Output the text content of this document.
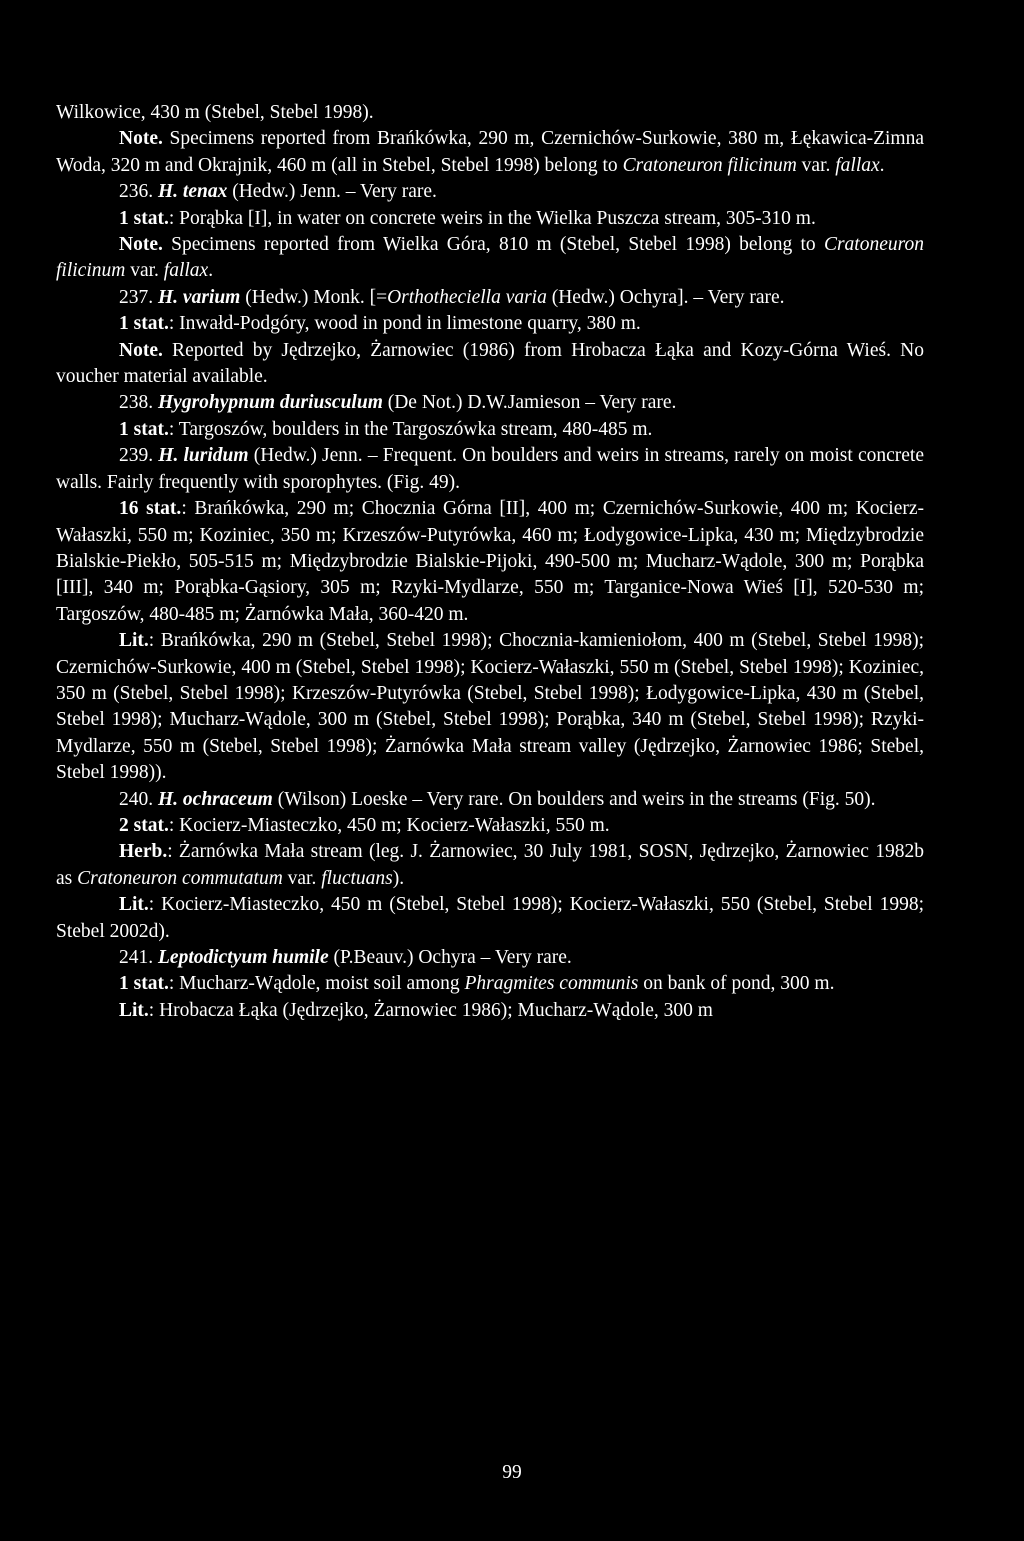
Wilkowice, 430 m (Stebel, Stebel 1998).

Note. Specimens reported from Brańkówka, 290 m, Czernichów-Surkowie, 380 m, Łękawica-Zimna Woda, 320 m and Okrajnik, 460 m (all in Stebel, Stebel 1998) belong to Cratoneuron filicinum var. fallax.

236. H. tenax (Hedw.) Jenn. – Very rare.

1 stat.: Porąbka [I], in water on concrete weirs in the Wielka Puszcza stream, 305-310 m.

Note. Specimens reported from Wielka Góra, 810 m (Stebel, Stebel 1998) belong to Cratoneuron filicinum var. fallax.

237. H. varium (Hedw.) Monk. [=Orthotheciella varia (Hedw.) Ochyra]. – Very rare.

1 stat.: Inwałd-Podgóry, wood in pond in limestone quarry, 380 m.

Note. Reported by Jędrzejko, Żarnowiec (1986) from Hrobacza Łąka and Kozy-Górna Wieś. No voucher material available.

238. Hygrohypnum duriusculum (De Not.) D.W.Jamieson – Very rare.

1 stat.: Targoszów, boulders in the Targoszówka stream, 480-485 m.

239. H. luridum (Hedw.) Jenn. – Frequent. On boulders and weirs in streams, rarely on moist concrete walls. Fairly frequently with sporophytes. (Fig. 49).

16 stat.: Brańkówka, 290 m; Chocznia Górna [II], 400 m; Czernichów-Surkowie, 400 m; Kocierz-Wałaszki, 550 m; Koziniec, 350 m; Krzeszów-Putyrówka, 460 m; Łodygowice-Lipka, 430 m; Międzybrodzie Bialskie-Piekło, 505-515 m; Międzybrodzie Bialskie-Pijoki, 490-500 m; Mucharz-Wądole, 300 m; Porąbka [III], 340 m; Porąbka-Gąsiory, 305 m; Rzyki-Mydlarze, 550 m; Targanice-Nowa Wieś [I], 520-530 m; Targoszów, 480-485 m; Żarnówka Mała, 360-420 m.

Lit.: Brańkówka, 290 m (Stebel, Stebel 1998); Chocznia-kamieniołom, 400 m (Stebel, Stebel 1998); Czernichów-Surkowie, 400 m (Stebel, Stebel 1998); Kocierz-Wałaszki, 550 m (Stebel, Stebel 1998); Koziniec, 350 m (Stebel, Stebel 1998); Krzeszów-Putyrówka (Stebel, Stebel 1998); Łodygowice-Lipka, 430 m (Stebel, Stebel 1998); Mucharz-Wądole, 300 m (Stebel, Stebel 1998); Porąbka, 340 m (Stebel, Stebel 1998); Rzyki-Mydlarze, 550 m (Stebel, Stebel 1998); Żarnówka Mała stream valley (Jędrzejko, Żarnowiec 1986; Stebel, Stebel 1998)).

240. H. ochraceum (Wilson) Loeske – Very rare. On boulders and weirs in the streams (Fig. 50).

2 stat.: Kocierz-Miasteczko, 450 m; Kocierz-Wałaszki, 550 m.

Herb.: Żarnówka Mała stream (leg. J. Żarnowiec, 30 July 1981, SOSN, Jędrzejko, Żarnowiec 1982b as Cratoneuron commutatum var. fluctuans).

Lit.: Kocierz-Miasteczko, 450 m (Stebel, Stebel 1998); Kocierz-Wałaszki, 550 (Stebel, Stebel 1998; Stebel 2002d).

241. Leptodictyum humile (P.Beauv.) Ochyra – Very rare.

1 stat.: Mucharz-Wądole, moist soil among Phragmites communis on bank of pond, 300 m.

Lit.: Hrobacza Łąka (Jędrzejko, Żarnowiec 1986); Mucharz-Wądole, 300 m

99
